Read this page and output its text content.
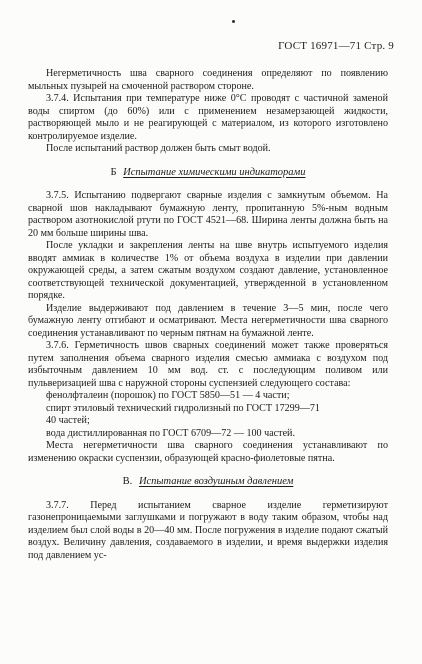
ГОСТ 16971—71 Стр. 9

Негерметичность шва сварного соединения определяют по появлению мыльных пузырей на смоченной раствором стороне.

3.7.4. Испытания при температуре ниже 0°С проводят с частичной заменой воды спиртом (до 60%) или с применением незамерзающей жидкости, растворяющей мыло и не реагирующей с материалом, из которого изготовлено контролируемое изделие.

После испытаний раствор должен быть смыт водой.

Б Испытание химическими индикаторами

3.7.5. Испытанию подвергают сварные изделия с замкнутым объемом. На сварной шов накладывают бумажную ленту, пропитанную 5%-ным водным раствором азотнокислой ртути по ГОСТ 4521—68. Ширина ленты должна быть на 20 мм больше ширины шва.

После укладки и закрепления ленты на шве внутрь испытуемого изделия вводят аммиак в количестве 1% от объема воздуха в изделии при давлении окружающей среды, а затем сжатым воздухом создают давление, установленное соответствующей технической документацией, утвержденной в установленном порядке.

Изделие выдерживают под давлением в течение 3—5 мин, после чего бумажную ленту отгибают и осматривают. Места негерметичности шва сварного соединения устанавливают по черным пятнам на бумажной ленте.

3.7.6. Герметичность швов сварных соединений может также проверяться путем заполнения объема сварного изделия смесью аммиака с воздухом под избыточным давлением 10 мм вод. ст. с последующим поливом или пульверизацией шва с наружной стороны суспензией следующего состава:

фенолфталеин (порошок) по ГОСТ 5850—51 — 4 части;

спирт этиловый технический гидролизный по ГОСТ 17299—71

40 частей;

вода дистиллированная по ГОСТ 6709—72 — 100 частей.

Места негерметичности шва сварного соединения устанавливают по изменению окраски суспензии, образующей красно-фиолетовые пятна.

В. Испытание воздушным давлением

3.7.7. Перед испытанием сварное изделие герметизируют газонепроницаемыми заглушками и погружают в воду таким образом, чтобы над изделием был слой воды в 20—40 мм. После погружения в изделие подают сжатый воздух. Величину давления, создаваемого в изделии, и время выдержки изделия под давлением ус-
